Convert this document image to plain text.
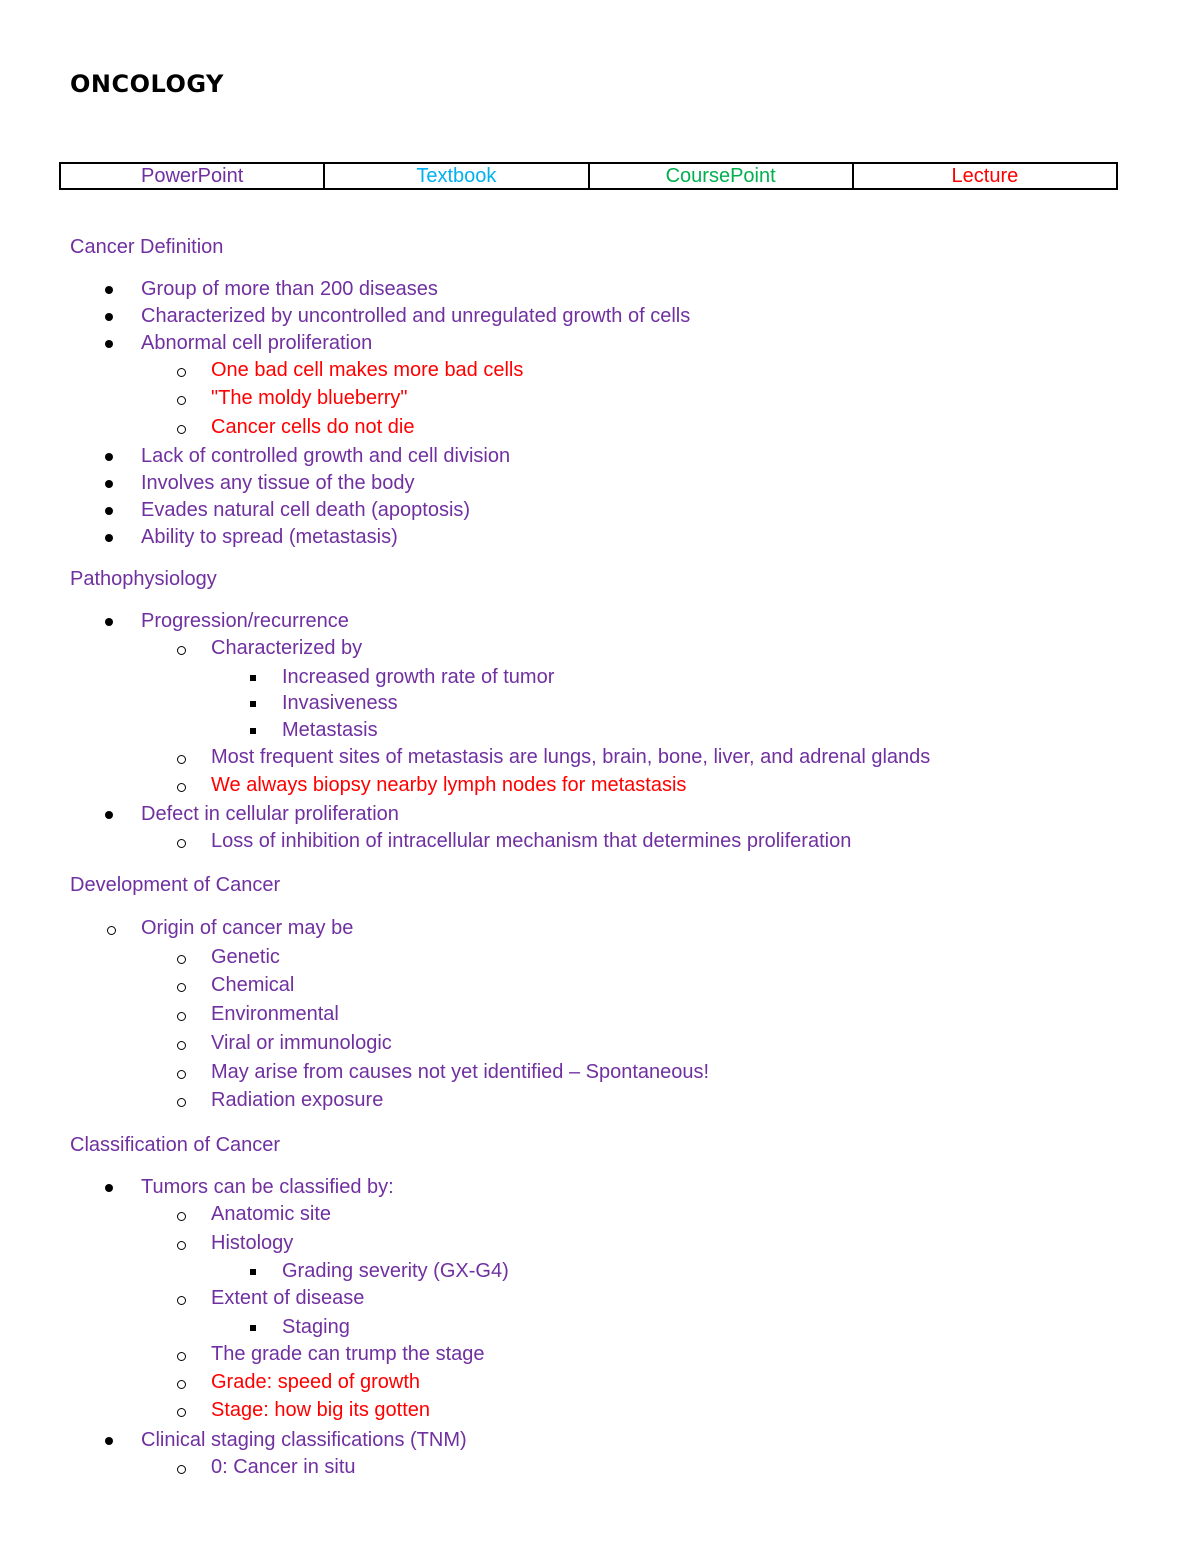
ONCOLOGY
PowerPoint	Textbook	CoursePoint	Lecture
Cancer Definition
Group of more than 200 diseases
Characterized by uncontrolled and unregulated growth of cells
Abnormal cell proliferation
One bad cell makes more bad cells
"The moldy blueberry"
Cancer cells do not die
Lack of controlled growth and cell division
Involves any tissue of the body
Evades natural cell death (apoptosis)
Ability to spread (metastasis)
Pathophysiology
Progression/recurrence
Characterized by
Increased growth rate of tumor
Invasiveness
Metastasis
Most frequent sites of metastasis are lungs, brain, bone, liver, and adrenal glands
We always biopsy nearby lymph nodes for metastasis
Defect in cellular proliferation
Loss of inhibition of intracellular mechanism that determines proliferation
Development of Cancer
Origin of cancer may be
Genetic
Chemical
Environmental
Viral or immunologic
May arise from causes not yet identified – Spontaneous!
Radiation exposure
Classification of Cancer
Tumors can be classified by:
Anatomic site
Histology
Grading severity (GX-G4)
Extent of disease
Staging
The grade can trump the stage
Grade: speed of growth
Stage: how big its gotten
Clinical staging classifications (TNM)
0: Cancer in situ
